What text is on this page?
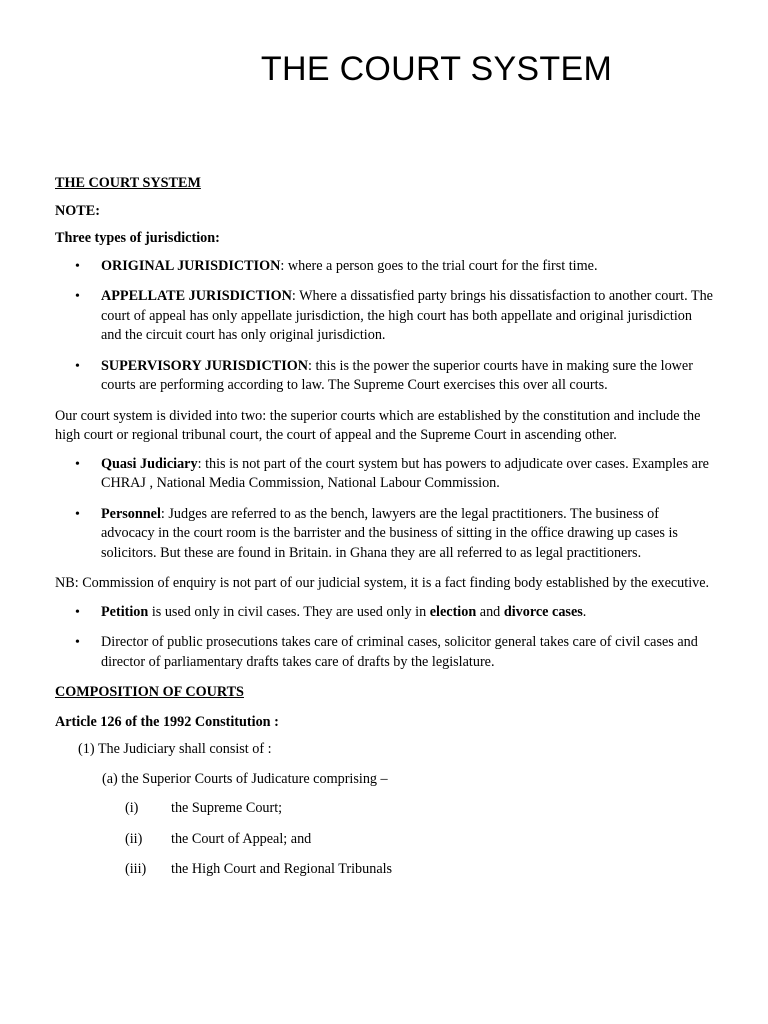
THE COURT SYSTEM
THE COURT SYSTEM
NOTE:
Three types of jurisdiction:
• ORIGINAL JURISDICTION: where a person goes to the trial court for the first time.
• APPELLATE JURISDICTION: Where a dissatisfied party brings his dissatisfaction to another court. The court of appeal has only appellate jurisdiction, the high court has both appellate and original jurisdiction and the circuit court has only original jurisdiction.
• SUPERVISORY JURISDICTION: this is the power the superior courts have in making sure the lower courts are performing according to law. The Supreme Court exercises this over all courts.

Our court system is divided into two: the superior courts which are established by the constitution and include the high court or regional tribunal court, the court of appeal and the Supreme Court in ascending other.

• Quasi Judiciary: this is not part of the court system but has powers to adjudicate over cases. Examples are CHRAJ , National Media Commission, National Labour Commission.
• Personnel: Judges are referred to as the bench, lawyers are the legal practitioners. The business of advocacy in the court room is the barrister and the business of sitting in the office drawing up cases is solicitors. But these are found in Britain. in Ghana they are all referred to as legal practitioners.

NB: Commission of enquiry is not part of our judicial system, it is a fact finding body established by the executive.

• Petition is used only in civil cases. They are used only in election and divorce cases.
• Director of public prosecutions takes care of criminal cases, solicitor general takes care of civil cases and director of parliamentary drafts takes care of drafts by the legislature.
COMPOSITION OF COURTS
Article 126 of the 1992 Constitution :
(1) The Judiciary shall consist of :
(a) the Superior Courts of Judicature comprising –
(i) the Supreme Court;
(ii) the Court of Appeal; and
(iii) the High Court and Regional Tribunals
